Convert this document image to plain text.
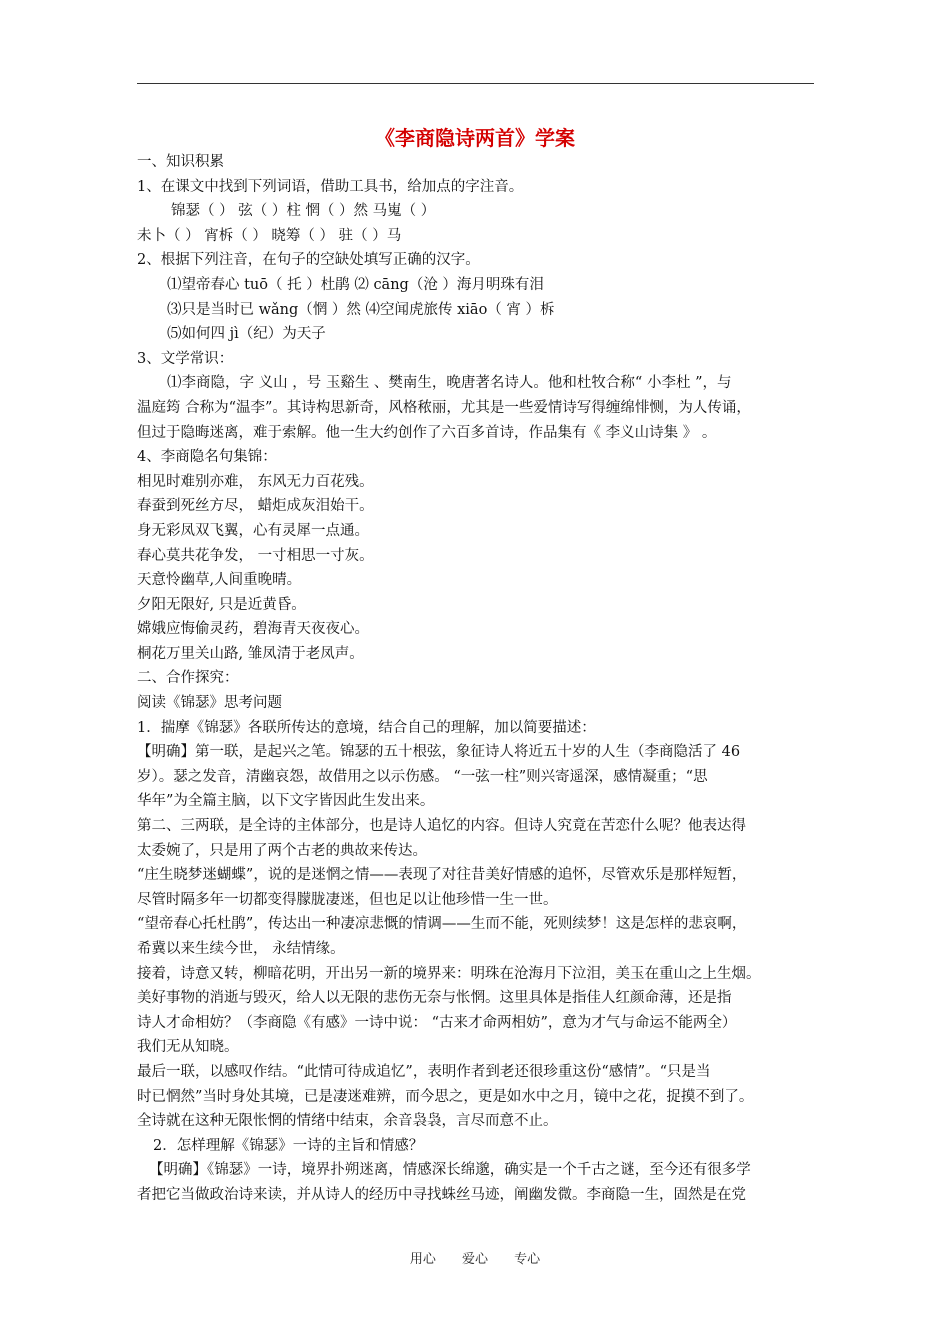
《李商隐诗两首》学案
一、知识积累
1、在课文中找到下列词语，借助工具书，给加点的字注音。
锦瑟（ ） 弦（ ）柱 惘（ ）然 马嵬（ ）
未卜（ ） 宵柝（ ） 晓筹（ ） 驻（ ）马
2、根据下列注音，在句子的空缺处填写正确的汉字。
⑴望帝春心 tuō（ 托 ）杜鹃 ⑵ cāng（沧 ）海月明珠有泪
⑶只是当时已 wǎng（惘 ）然 ⑷空闻虎旅传 xiāo（ 宵 ）柝
⑸如何四 jì（纪）为天子
3、文学常识：
⑴李商隐，字 义山 ，号 玉谿生 、樊南生，晚唐著名诗人。他和杜牧合称“ 小李杜 ”，与
温庭筠 合称为“温李”。其诗构思新奇，风格秾丽，尤其是一些爱情诗写得缠绵悱恻，为人传诵，
但过于隐晦迷离，难于索解。他一生大约创作了六百多首诗，作品集有《 李义山诗集 》 。
4、李商隐名句集锦：
相见时难别亦难， 东风无力百花残。
春蚕到死丝方尽， 蜡炬成灰泪始干。
身无彩凤双飞翼，心有灵犀一点通。
春心莫共花争发， 一寸相思一寸灰。
天意怜幽草,人间重晚晴。
夕阳无限好, 只是近黄昏。
嫦娥应悔偷灵药，碧海青天夜夜心。
桐花万里关山路, 雏凤清于老凤声。
二、合作探究：
阅读《锦瑟》思考问题
1．揣摩《锦瑟》各联所传达的意境，结合自己的理解，加以简要描述：
【明确】第一联，是起兴之笔。锦瑟的五十根弦，象征诗人将近五十岁的人生（李商隐活了 46
岁）。瑟之发音，清幽哀怨，故借用之以示伤感。 “一弦一柱”则兴寄遥深，感情凝重；“思
华年”为全篇主脑，以下文字皆因此生发出来。
第二、三两联，是全诗的主体部分，也是诗人追忆的内容。但诗人究竟在苦恋什么呢？他表达得
太委婉了，只是用了两个古老的典故来传达。
“庄生晓梦迷蝴蝶”，说的是迷惘之情——表现了对往昔美好情感的追怀，尽管欢乐是那样短暂，
尽管时隔多年一切都变得朦胧凄迷，但也足以让他珍惜一生一世。
“望帝春心托杜鹃”，传达出一种凄凉悲慨的情调——生而不能，死则续梦！这是怎样的悲哀啊，
希冀以来生续今世， 永结情缘。
接着，诗意又转，柳暗花明，开出另一新的境界来：明珠在沧海月下泣泪，美玉在重山之上生烟。
美好事物的消逝与毁灭，给人以无限的悲伤无奈与怅惘。这里具体是指佳人红颜命薄，还是指
诗人才命相妨？（李商隐《有感》一诗中说： “古来才命两相妨”，意为才气与命运不能两全）
我们无从知晓。
最后一联，以感叹作结。“此情可待成追忆”，表明作者到老还很珍重这份“感情”。“只是当
时已惘然”当时身处其境，已是凄迷难辨，而今思之，更是如水中之月，镜中之花，捉摸不到了。
全诗就在这种无限怅惘的情绪中结束，余音袅袅，言尽而意不止。
2．怎样理解《锦瑟》一诗的主旨和情感？
【明确】《锦瑟》一诗，境界扑朔迷离，情感深长绵邈，确实是一个千古之谜，至今还有很多学
者把它当做政治诗来读，并从诗人的经历中寻找蛛丝马迹，阐幽发微。李商隐一生，固然是在党
用心 爱心 专心
